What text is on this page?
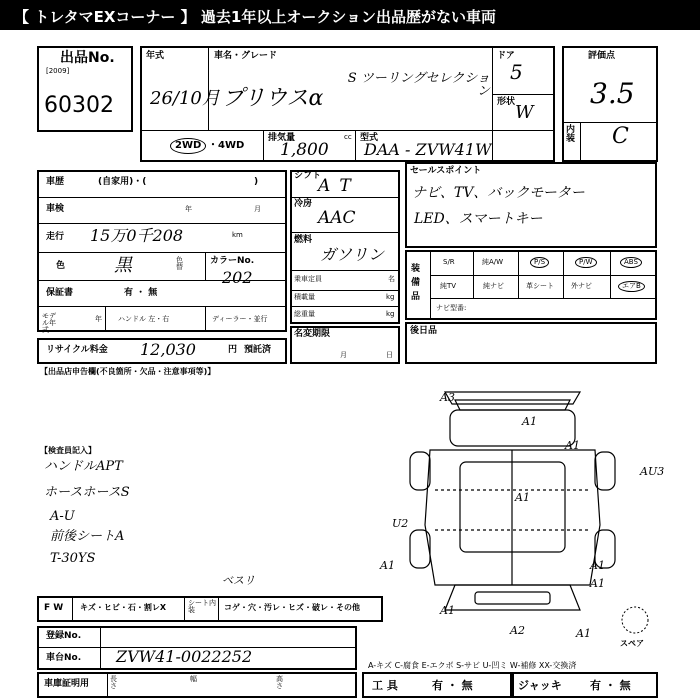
【 トレタマEXコーナー 】 過去1年以上オークション出品歴がない車両
出品No.
[2009]
60302
年式
26/10月
車名・グレード
プリウスα
S ツーリングセレクション
ドア
5
形状 W
2WD ・4WD
排気量	cc
1,800
型式
DAA - ZVW41W
評価点
3.5
内装 C
車歴	(自家用)・(	)
車検	年	月
走行 15万0千208	km
色	黒	色替
カラーNo.
202
保証書	有 ・ 無
モデル年式
年 ハンドル 左・右	ディーラー・並行
シフト
AT
冷房
AAC
燃料
ガソリン
乗車定員	名
積載量	kg
総重量	kg
名変期限
月	日
セールスポイント
ナビ、TV、バックモーター
LED、スマートキー
装備品
S/R	純A/W	P/S	P/W	ABS
純TV	純ナビ	革シート 外ナビ	エアB
ナビ型番:
後日品
リサイクル料金 12,030	円 預託済
【出品店申告欄(不良箇所・欠品・注意事項等)】
【検査員記入】
ハンドルAPT
ホースホースS
A-U
前後シートA
T-30YS
A3
A1
A1
AU3
U2
A1
A1
A1
A2	A1
A1
A1
スペア
F W キズ・ヒビ・石・割レX	シート内装	コゲ・穴・汚レ・ヒズ・破レ・その他
ベスリ
登録No.
車台No. ZVW41-0022252	A-キズ C-腐食 E-エクボ S-サビ U-凹ミ W-補修 XX-交換済
車庫証明用	長さ
幅	高さ	工 具	有 ・ 無	ジャッキ	有 ・ 無
